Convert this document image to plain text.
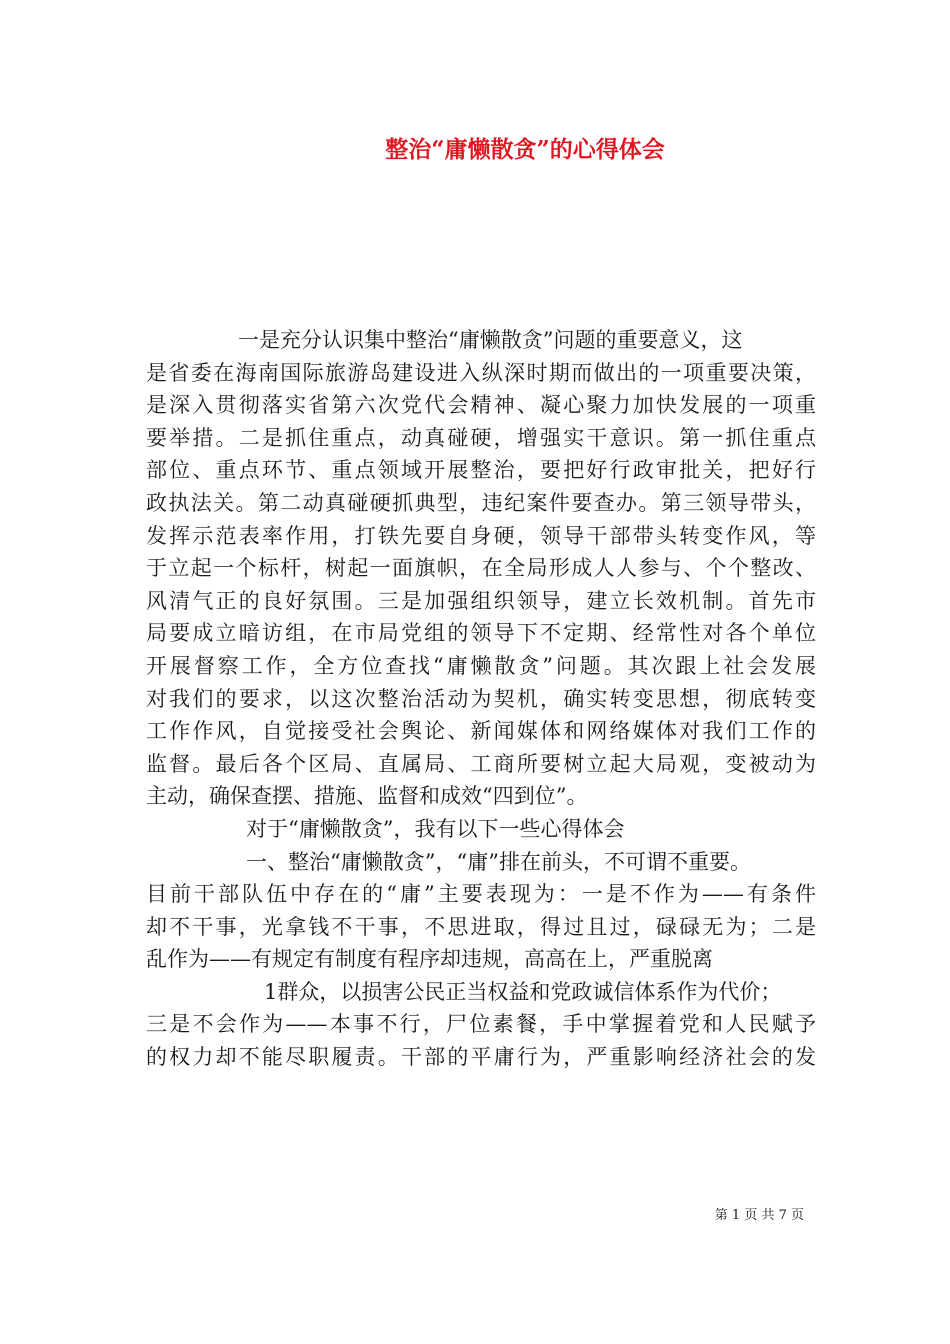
整治“庸懒散贪”的心得体会
一是充分认识集中整治“庸懒散贪”问题的重要意义，这
是省委在海南国际旅游岛建设进入纵深时期而做出的一项重要决策，
是深入贯彻落实省第六次党代会精神、凝心聚力加快发展的一项重
要举措。二是抓住重点，动真碰硬，增强实干意识。第一抓住重点
部位、重点环节、重点领域开展整治，要把好行政审批关，把好行
政执法关。第二动真碰硬抓典型，违纪案件要查办。第三领导带头，
发挥示范表率作用，打铁先要自身硬，领导干部带头转变作风，等
于立起一个标杆，树起一面旗帜，在全局形成人人参与、个个整改、
风清气正的良好氛围。三是加强组织领导，建立长效机制。首先市
局要成立暗访组，在市局党组的领导下不定期、经常性对各个单位
开展督察工作，全方位查找“庸懒散贪”问题。其次跟上社会发展
对我们的要求，以这次整治活动为契机，确实转变思想，彻底转变
工作作风，自觉接受社会舆论、新闻媒体和网络媒体对我们工作的
监督。最后各个区局、直属局、工商所要树立起大局观，变被动为
主动，确保查摆、措施、监督和成效“四到位”。
对于“庸懒散贪”，我有以下一些心得体会
一、整治“庸懒散贪”，“庸”排在前头，不可谓不重要。
目前干部队伍中存在的“庸”主要表现为：一是不作为——有条件
却不干事，光拿钱不干事，不思进取，得过且过，碌碌无为；二是
乱作为——有规定有制度有程序却违规，高高在上，严重脱离
1群众，以损害公民正当权益和党政诚信体系作为代价；
三是不会作为——本事不行，尸位素餐，手中掌握着党和人民赋予
的权力却不能尽职履责。干部的平庸行为，严重影响经济社会的发
第 1 页 共 7 页
